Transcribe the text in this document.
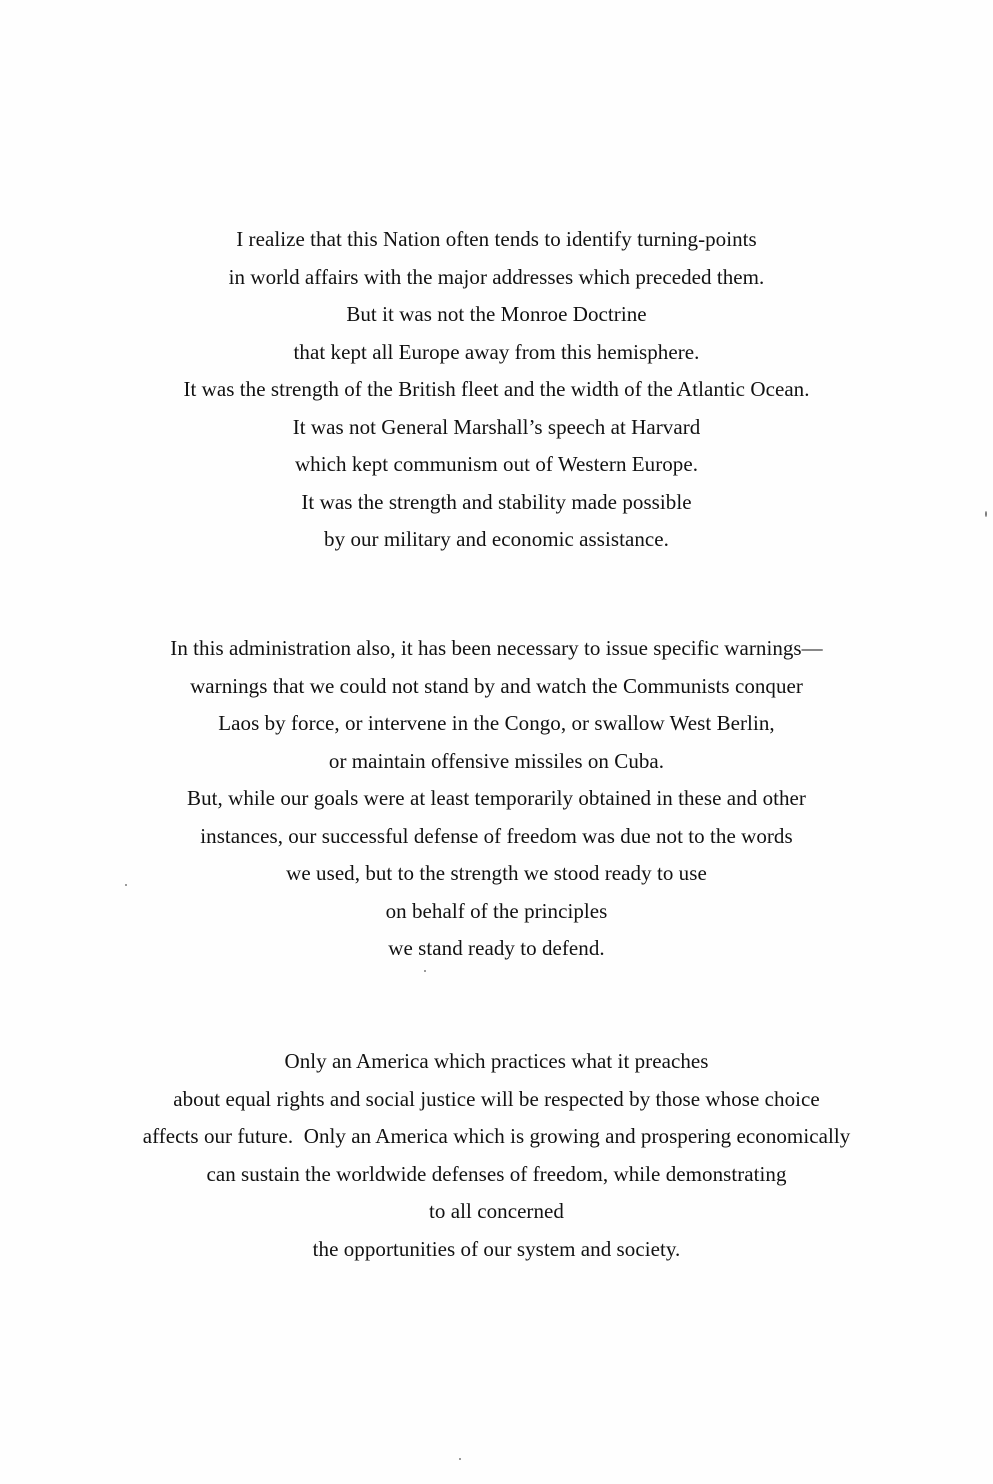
I realize that this Nation often tends to identify turning-points
in world affairs with the major addresses which preceded them.
But it was not the Monroe Doctrine
that kept all Europe away from this hemisphere.
It was the strength of the British fleet and the width of the Atlantic Ocean.
It was not General Marshall’s speech at Harvard
which kept communism out of Western Europe.
It was the strength and stability made possible
by our military and economic assistance.
In this administration also, it has been necessary to issue specific warnings—
warnings that we could not stand by and watch the Communists conquer
Laos by force, or intervene in the Congo, or swallow West Berlin,
or maintain offensive missiles on Cuba.
But, while our goals were at least temporarily obtained in these and other
instances, our successful defense of freedom was due not to the words
we used, but to the strength we stood ready to use
on behalf of the principles
we stand ready to defend.
Only an America which practices what it preaches
about equal rights and social justice will be respected by those whose choice
affects our future.  Only an America which is growing and prospering economically
can sustain the worldwide defenses of freedom, while demonstrating
to all concerned
the opportunities of our system and society.
